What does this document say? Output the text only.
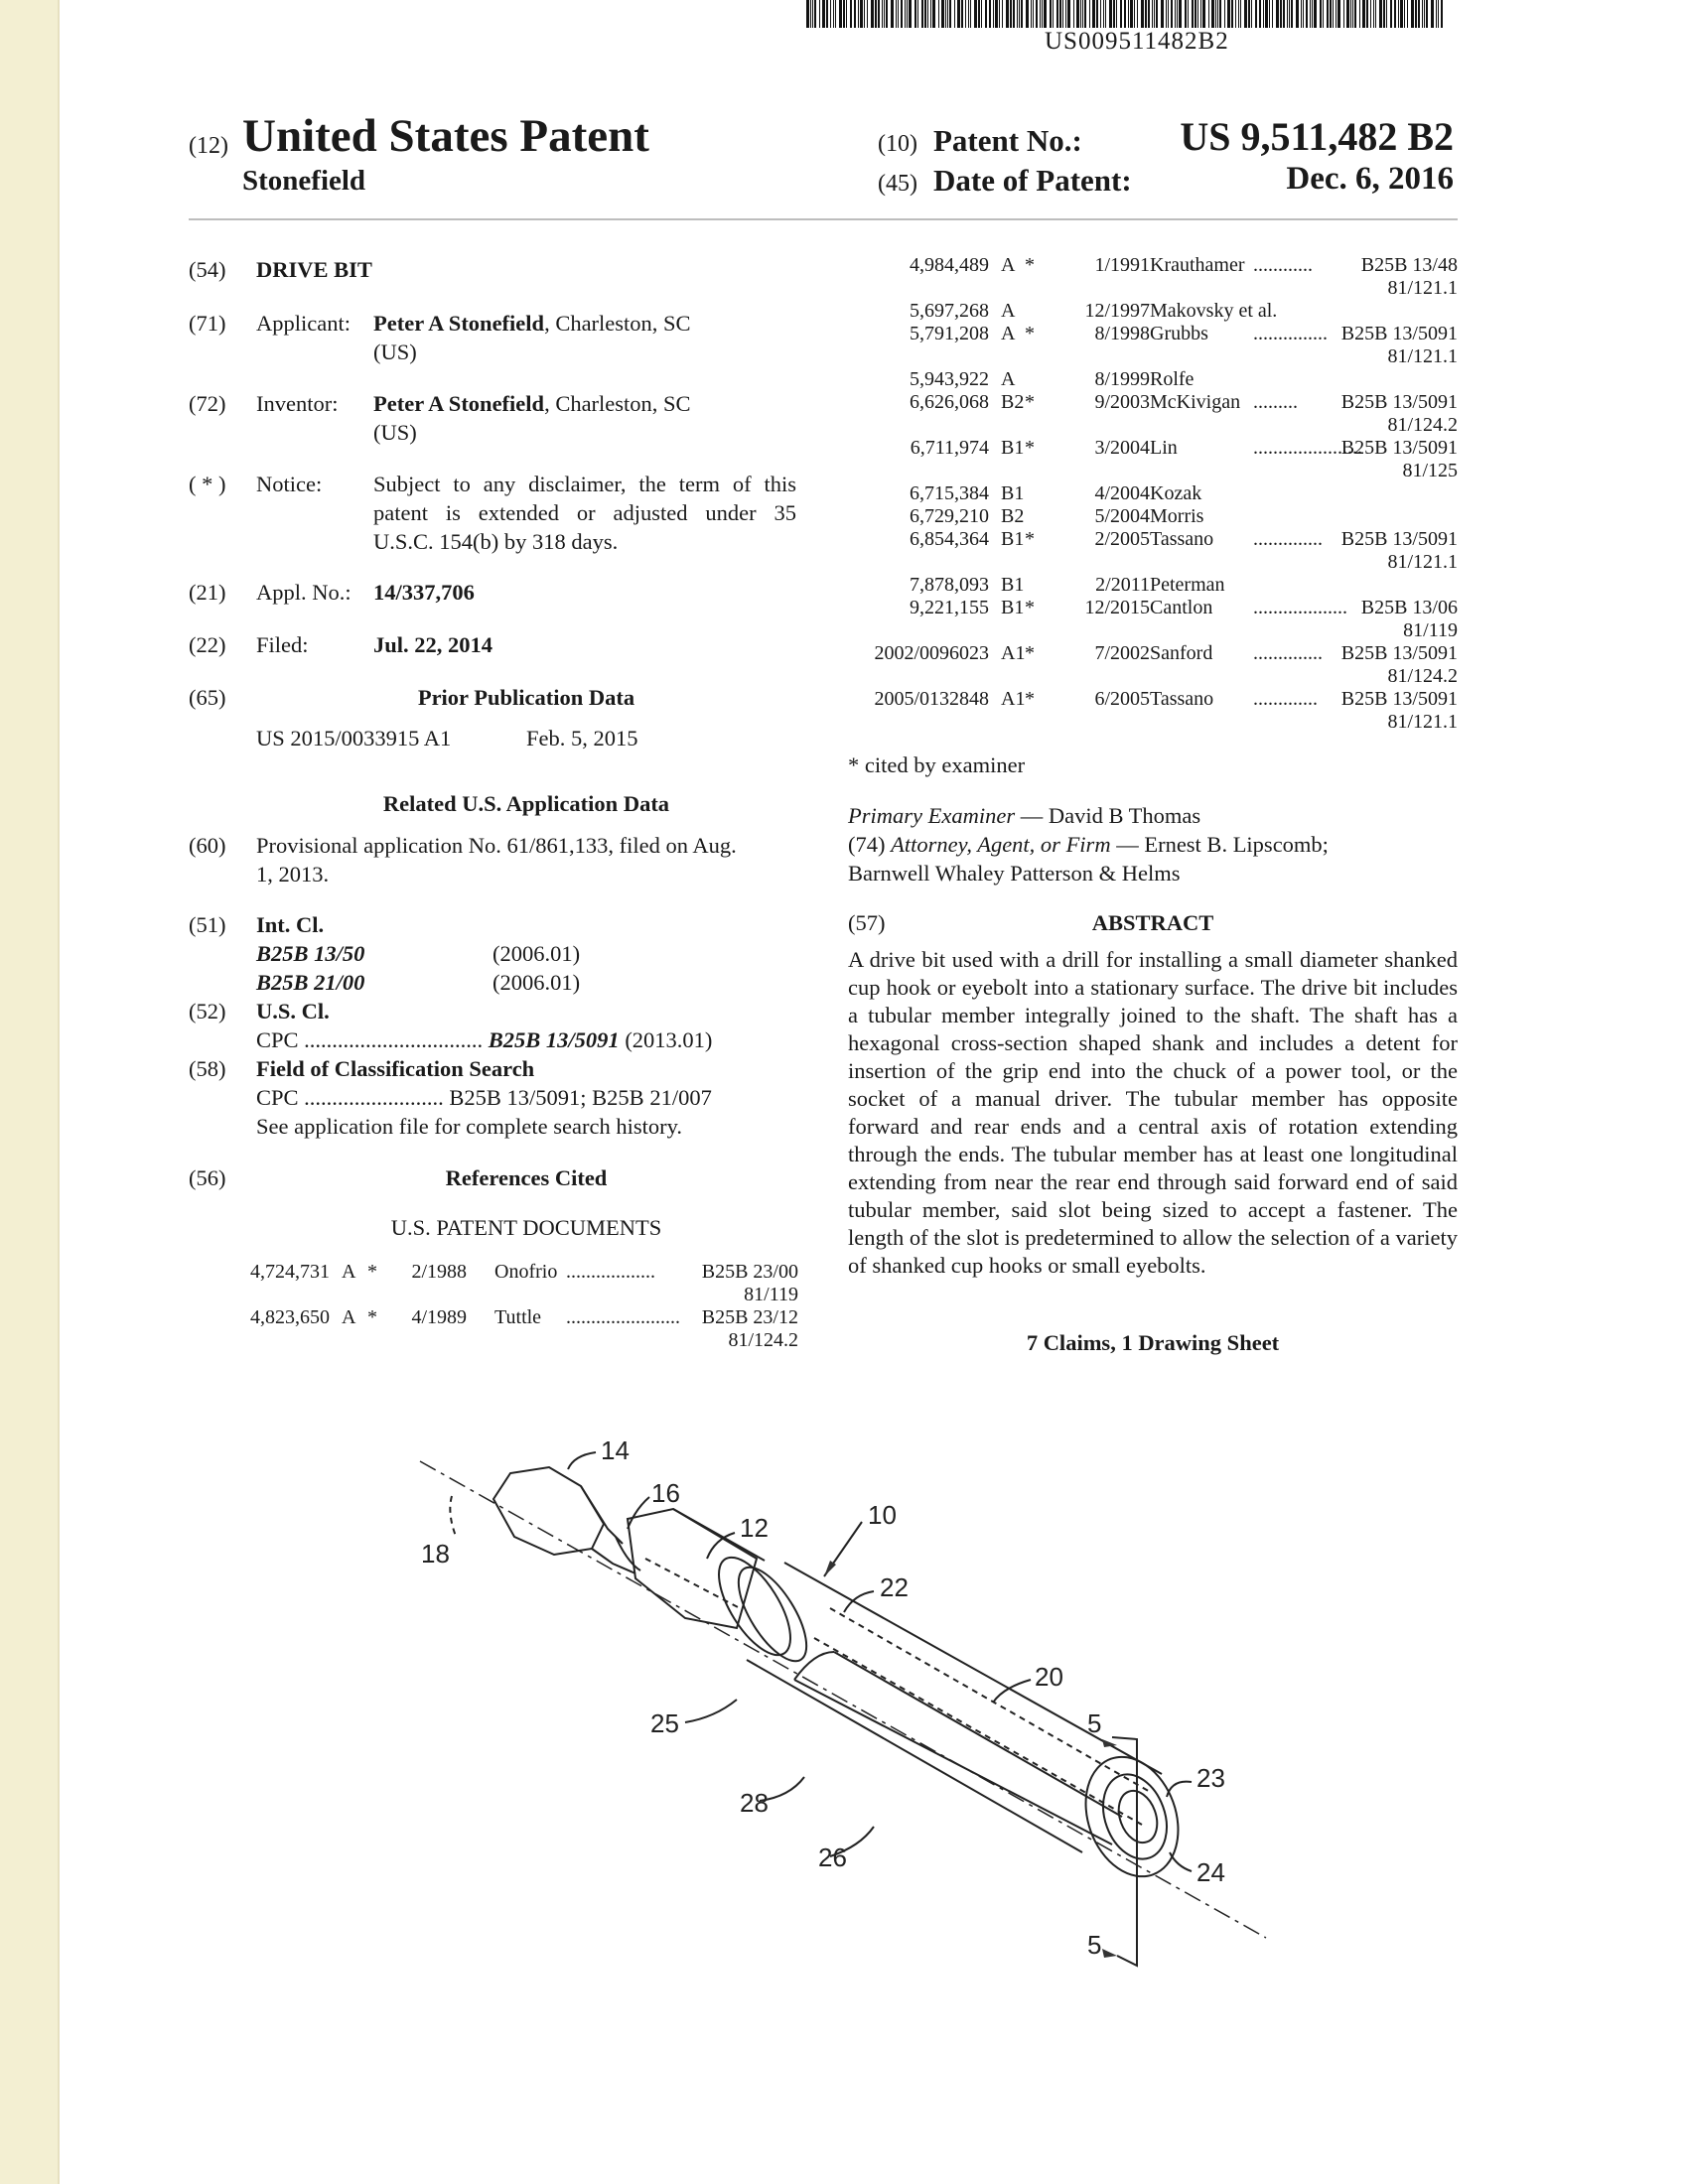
US009511482B2
(12) United States Patent
Stonefield
(10) Patent No.: US 9,511,482 B2
(45) Date of Patent:	Dec. 6, 2016
(54) DRIVE BIT
(71) Applicant: Peter A Stonefield, Charleston, SC
(US)
(72) Inventor: Peter A Stonefield, Charleston, SC
(US)
( * ) Notice: Subject to any disclaimer, the term of this
patent is extended or adjusted under 35
U.S.C. 154(b) by 318 days.
(21) Appl. No.: 14/337,706
(22) Filed:	Jul. 22, 2014
(65)	Prior Publication Data
US 2015/0033915 A1	Feb. 5, 2015
Related U.S. Application Data
(60) Provisional application No. 61/861,133, filed on Aug.
1, 2013.
(51) Int. Cl.
B25B 13/50	(2006.01)
B25B 21/00	(2006.01)
(52) U.S. Cl.
CPC ................................ B25B 13/5091 (2013.01)
(58) Field of Classification Search
CPC ......................... B25B 13/5091; B25B 21/007
See application file for complete search history.
(56)	References Cited
U.S. PATENT DOCUMENTS
4,724,731 A *	2/1988 Onofrio .................. B25B 23/00
81/119
4,823,650 A *	4/1989 Tuttle ....................... B25B 23/12
81/124.2
4,984,489 A *	1/1991 Krauthamer ............ B25B 13/48
81/121.1
5,697,268 A	12/1997 Makovsky et al.
5,791,208 A *	8/1998 Grubbs ............... B25B 13/5091
81/121.1
5,943,922 A	8/1999 Rolfe
6,626,068 B2 *	9/2003 McKivigan ......... B25B 13/5091
81/124.2
6,711,974 B1 *	3/2004 Lin	......................
B25B 13/5091
81/125
6,715,384 B1	4/2004 Kozak
6,729,210 B2	5/2004 Morris
6,854,364 B1 *	2/2005 Tassano .............. B25B 13/5091
81/121.1
7,878,093 B1	2/2011 Peterman
9,221,155 B1 *	12/2015 Cantlon ................... B25B 13/06
81/119
2002/0096023 A1 *	7/2002 Sanford .............. B25B 13/5091
81/124.2
2005/0132848 A1 *	6/2005 Tassano ............. B25B 13/5091
81/121.1
* cited by examiner
Primary Examiner — David B Thomas
(74) Attorney, Agent, or Firm — Ernest B. Lipscomb;
Barnwell Whaley Patterson & Helms
(57)	ABSTRACT
A drive bit used with a drill for installing a small diameter shanked cup hook or eyebolt into a stationary surface. The drive bit includes a tubular member integrally joined to the shaft. The shaft has a hexagonal cross-section shaped shank and includes a detent for insertion of the grip end into the chuck of a power tool, or the socket of a manual driver. The tubular member has opposite forward and rear ends and a central axis of rotation extending through the ends. The tubular member has at least one longitudinal extending from near the rear end through said forward end of said tubular member, said slot being sized to accept a fastener. The length of the slot is predetermined to allow the selection of a variety of shanked cup hooks or small eyebolts.
7 Claims, 1 Drawing Sheet
14
16
12	10
18
22
20
5
23
24
5
25
28
26
